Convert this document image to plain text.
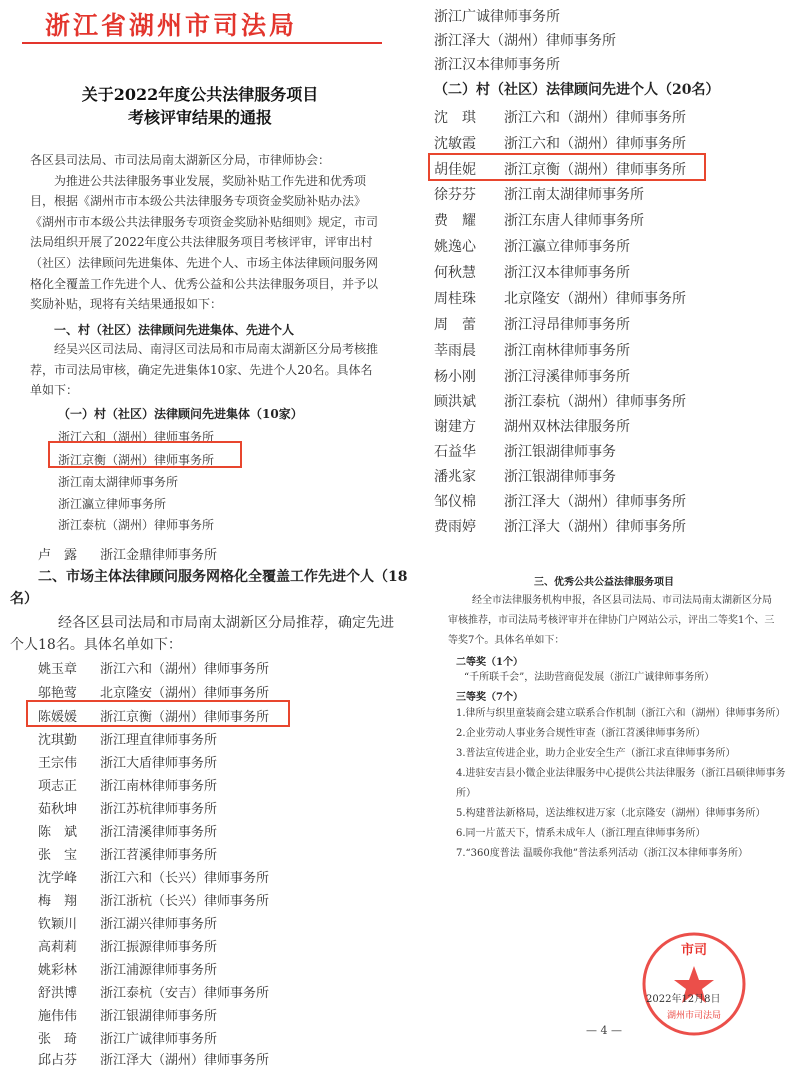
浙江省湖州市司法局
关于2022年度公共法律服务项目
考核评审结果的通报

各区县司法局、市司法局南太湖新区分局，市律师协会：

为推进公共法律服务事业发展，奖励补贴工作先进和优秀项目，根据《湖州市市本级公共法律服务专项资金奖励补贴办法》《湖州市市本级公共法律服务专项资金奖励补贴细则》规定，市司法局组织开展了2022年度公共法律服务项目考核评审，评审出村（社区）法律顾问先进集体、先进个人、市场主体法律顾问服务网格化全覆盖工作先进个人、优秀公益和公共法律服务项目，并予以奖励补贴，现将有关结果通报如下：

一、村（社区）法律顾问先进集体、先进个人

经吴兴区司法局、南浔区司法局和市局南太湖新区分局考核推荐，市司法局审核，确定先进集体10家、先进个人20名。具体名单如下：

（一）村（社区）法律顾问先进集体（10家）
浙江六和（湖州）律师事务所
浙江京衡（湖州）律师事务所
浙江南太湖律师事务所
浙江瀛立律师事务所
浙江泰杭（湖州）律师事务所
卢　露 浙江金鼎律师事务所
二、市场主体法律顾问服务网格化全覆盖工作先进个人（18
名）
经各区县司法局和市局南太湖新区分局推荐，确定先进
个人18名。具体名单如下：
姚玉章 浙江六和（湖州）律师事务所
邬艳莺 北京隆安（湖州）律师事务所
陈媛媛 浙江京衡（湖州）律师事务所
沈琪勤 浙江理直律师事务所
王宗伟 浙江大盾律师事务所
项志正 浙江南林律师事务所
茹秋坤 浙江苏杭律师事务所
陈　斌 浙江清溪律师事务所
张　宝 浙江苕溪律师事务所
沈学峰 浙江六和（长兴）律师事务所
梅　翔 浙江浙杭（长兴）律师事务所
钦颖川 浙江湖兴律师事务所
高莉莉 浙江振源律师事务所
姚彩林 浙江浦源律师事务所
舒洪博 浙江泰杭（安吉）律师事务所
施伟伟 浙江银湖律师事务所
张　琦 浙江广诚律师事务所
邱占芬 浙江泽大（湖州）律师事务所
浙江广诚律师事务所
浙江泽大（湖州）律师事务所
浙江汉本律师事务所
（二）村（社区）法律顾问先进个人（20名）
沈　琪 浙江六和（湖州）律师事务所
沈敏霞 浙江六和（湖州）律师事务所
胡佳妮 浙江京衡（湖州）律师事务所
徐芬芬 浙江南太湖律师事务所
费　耀 浙江东唐人律师事务所
姚逸心 浙江瀛立律师事务所
何秋慧 浙江汉本律师事务所
周桂珠 北京隆安（湖州）律师事务所
周　蕾 浙江浔昂律师事务所
莘雨晨 浙江南林律师事务所
杨小刚 浙江浔溪律师事务所
顾洪斌 浙江泰杭（湖州）律师事务所
谢建方 湖州双林法律服务所
石益华 浙江银湖律师事务
潘兆家 浙江银湖律师事务
邹仪棉 浙江泽大（湖州）律师事务所
费雨婷 浙江泽大（湖州）律师事务所
三、优秀公共公益法律服务项目

经全市法律服务机构申报，各区县司法局、市司法局南太湖新区分局审核推荐，市司法局考核评审并在律协门户网站公示，评出二等奖1个、三等奖7个。具体名单如下：

二等奖（1个）
“千所联千会”，法助营商促发展（浙江广诚律师事务所）
三等奖（7个）

1.律所与织里童装商会建立联系合作机制（浙江六和（湖州）律师事务所）

2.企业劳动人事业务合规性审查（浙江苕溪律师事务所）

3.普法宣传进企业，助力企业安全生产（浙江求直律师事务所）

4.进驻安吉县小微企业法律服务中心提供公共法律服务（浙江昌硕律师事务所）

5.构建普法新格局，送法维权进万家（北京隆安（湖州）律师事务所）

6.同一片蓝天下，情系未成年人（浙江理直律师事务所）

7.“360度普法 温暖你我他”普法系列活动（浙江汉本律师事务所）

市司
湖州市司法局
2022年12月8日
— 4 —
